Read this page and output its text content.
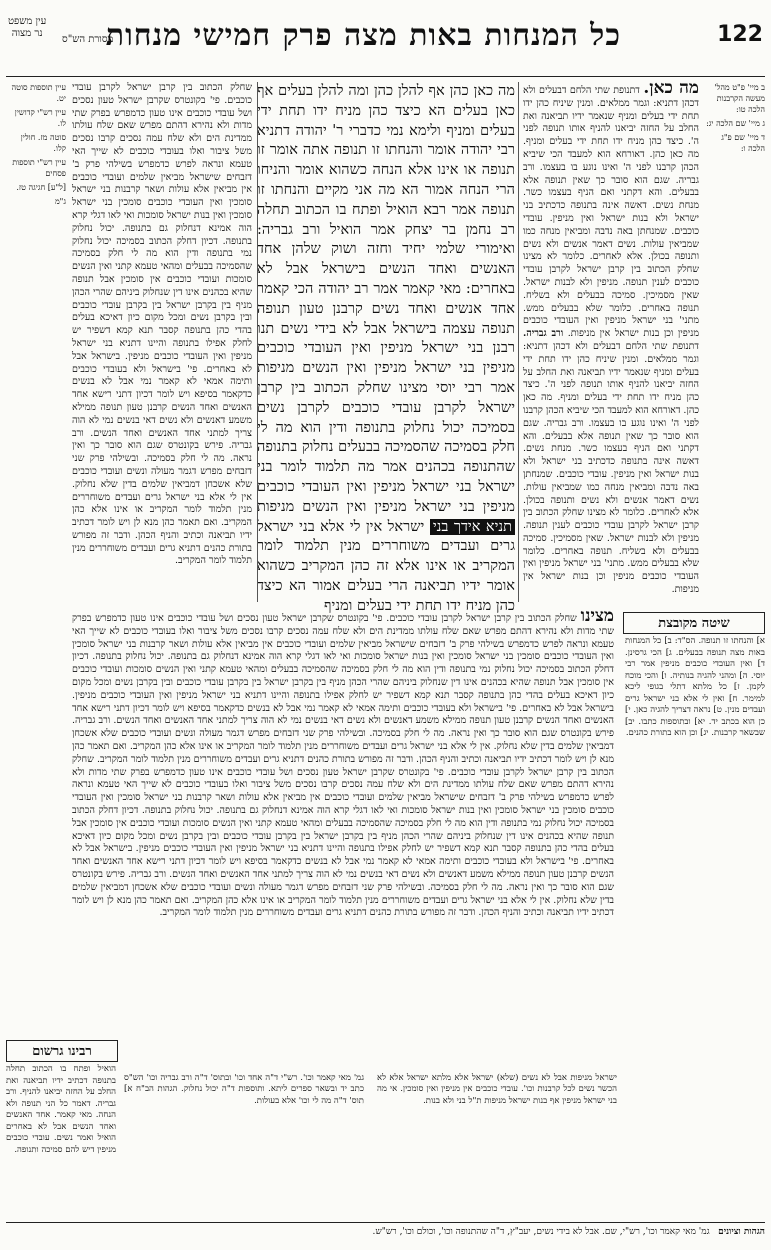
122
כל המנחות באות מצה פרק חמישי מנחות
מסורת הש"ס
עין משפט
נר מצוה
ב מיי' פ"ט מהל' מעשה הקרבנות הלכה טו:
ג מיי' שם הלכה יג:
ד מיי' שם פ"ג הלכה ו:
עיין תוספות סוטה יט.
עיין רש"י קדושין לו.
סוטה מז. חולין קלו.
עיין רש"י תוספות פסחים
[ל"ע] חגיגה טז.
ג"מ

מה כאן. דתנופת שתי הלחם דבעלים ולא דכהן דתניא: וגמר ממלאים. ומנין שיניח כהן ידו תחת ידי בעלים ומניף שנאמר ידיו תביאנה ואת החלב על החזה יביאנו להניף אותו תנופה לפני ה'. כיצד כהן מניח ידו תחת ידי בעלים ומניף. מה כאן כהן. דאורחא הוא למעבד הכי שיביא הכהן קרבנו לפני ה' ואינו נוגע בו בעצמו. ורב גבריה. שגם הוא סובר כך שאין תנופה אלא בבעלים. והא דקתני ואם הניף בעצמו כשר. מנחת נשים. דאשה אינה בתנופה כדכתיב בני ישראל ולא בנות ישראל ואין מניפין. עובדי כוכבים. שמנחתן באה נדבה ומביאין מנחה כמו שמביאין עולות. נשים דאמר אנשים ולא נשים ותנופה בכולן. אלא לאחרים. כלומר לא מצינו שחלק הכתוב בין קרבן ישראל לקרבן עובדי כוכבים לענין תנופה. מניפין ולא לבנות ישראל. שאין מסמיכין. סמיכה בבעלים ולא בשליח. תנופה באחרים. כלומר שלא בבעלים ממש. מתני' בני ישראל מניפין ואין העובדי כוכבים מניפין וכן בנות ישראל אין מניפות. ורב גבריה. דתנופת שתי הלחם דבעלים ולא דכהן דתניא: וגמר ממלאים. ומנין שיניח כהן ידו תחת ידי בעלים ומניף שנאמר ידיו תביאנה ואת החלב על החזה יביאנו להניף אותו תנופה לפני ה'. כיצד כהן מניח ידו תחת ידי בעלים ומניף. מה כאן כהן. דאורחא הוא למעבד הכי שיביא הכהן קרבנו לפני ה' ואינו נוגע בו בעצמו. ורב גבריה. שגם הוא סובר כך שאין תנופה אלא בבעלים. והא דקתני ואם הניף בעצמו כשר. מנחת נשים. דאשה אינה בתנופה כדכתיב בני ישראל ולא בנות ישראל ואין מניפין. עובדי כוכבים. שמנחתן באה נדבה ומביאין מנחה כמו שמביאין עולות. נשים דאמר אנשים ולא נשים ותנופה בכולן. אלא לאחרים. כלומר לא מצינו שחלק הכתוב בין קרבן ישראל לקרבן עובדי כוכבים לענין תנופה. מניפין ולא לבנות ישראל. שאין מסמיכין. סמיכה בבעלים ולא בשליח. תנופה באחרים. כלומר שלא בבעלים ממש. מתני' בני ישראל מניפין ואין העובדי כוכבים מניפין וכן בנות ישראל אין מניפות.

מה כאן כהן אף להלן כהן ומה להלן בעלים אף כאן בעלים הא כיצד כהן מניח ידו תחת ידי בעלים ומניף ולימא נמי כדברי ר' יהודה דתניא רבי יהודה אומר והנחתו זו תנופה אתה אומר זו תנופה או אינו אלא הנחה כשהוא אומר והניחו הרי הנחה אמור הא מה אני מקיים והנחתו זו תנופה אמר רבא הואיל ופתח בו הכתוב תחלה רב נחמן בר יצחק אמר הואיל ורב גבריה: ואימורי שלמי יחיד וחזה ושוק שלהן אחד האנשים ואחד הנשים בישראל אבל לא באחרים: מאי קאמר אמר רב יהודה הכי קאמר אחד אנשים ואחד נשים קרבנן טעון תנופה תנופה עצמה בישראל אבל לא בידי נשים תנו רבנן בני ישראל מניפין ואין העובדי כוכבים מניפין בני ישראל מניפין ואין הנשים מניפות אמר רבי יוסי מצינו שחלק הכתוב בין קרבן ישראל לקרבן עובדי כוכבים לקרבן נשים בסמיכה יכול נחלוק בתנופה ודין הוא מה לי חלק בסמיכה שהסמיכה בבעלים נחלוק בתנופה שהתנופה בכהנים אמר מה תלמוד לומר בני ישראל בני ישראל מניפין ואין העובדי כוכבים מניפין בני ישראל מניפין ואין הנשים מניפות תניא אידך בני ישראל אין לי אלא בני ישראל גרים ועבדים משוחררים מנין תלמוד לומר המקריב או אינו אלא זה כהן המקריב כשהוא אומר ידיו תביאנה הרי בעלים אמור הא כיצד כהן מניח ידו תחת ידי בעלים ומניף

שחלק הכתוב בין קרבן ישראל לקרבן עובדי כוכבים. פי' בקונטרס שקרבן ישראל טעון נסכים ושל עובדי כוכבים אינו טעון כדמפרש בפרק שתי מדות ולא נהירא דהתם מפרש שאם שלח עולתו ממדינת הים ולא שלח עמה נסכים קרבו נסכים משל ציבור ואלו בעובדי כוכבים לא שייך האי טעמא ונראה לפרש כדמפרש בשילהי פרק ב' דזבחים שישראל מביאין שלמים ועובדי כוכבים אין מביאין אלא עולות ושאר קרבנות בני ישראל סומכין ואין העובדי כוכבים סומכין בני ישראל סומכין ואין בנות ישראל סומכות ואי לאו דגלי קרא הוה אמינא דנחלוק גם בתנופה. יכול נחלוק בתנופה. דכיון דחלק הכתוב בסמיכה יכול נחלוק נמי בתנופה ודין הוא מה לי חלק בסמיכה שהסמיכה בבעלים ומהאי טעמא קתני ואין הנשים סומכות ועובדי כוכבים אין סומכין אבל תנופה שהיא בכהנים אינו דין שנחלוק ביניהם שהרי הכהן מניף בין בקרבן ישראל בין בקרבן עובדי כוכבים ובין בקרבן נשים ומכל מקום כיון דאיכא בעלים בהדי כהן בתנופה קסבר תנא קמא דשפיר יש לחלק אפילו בתנופה והיינו דתניא בני ישראל מניפין ואין העובדי כוכבים מניפין. בישראל אבל לא באחרים. פי' בישראל ולא בעובדי כוכבים ותימה אמאי לא קאמר נמי אבל לא בנשים כדקאמר בסיפא ויש לומר דכיון דתני רישא אחד האנשים ואחד הנשים קרבנן טעון תנופה ממילא משמע דאנשים ולא נשים דאי בנשים נמי לא הוה צריך למתני אחד האנשים ואחד הנשים. ורב גבריה. פירש בקונטרס שגם הוא סובר כך ואין נראה. מה לי חלק בסמיכה. ובשילהי פרק שני דזבחים מפרש דגמר מעולה ונשים ועובדי כוכבים שלא אשכחן דמביאין שלמים בדין שלא נחלוק. אין לי אלא בני ישראל גרים ועבדים משוחררים מנין תלמוד לומר המקריב או אינו אלא כהן המקריב. ואם תאמר כהן מנא לן ויש לומר דכתיב ידיו תביאנה וכתיב והניף הכהן. ודבר זה מפורש בתורת כהנים דתניא גרים ועבדים משוחררים מנין תלמוד לומר המקריב.

מצינו שחלק הכתוב בין קרבן ישראל לקרבן עובדי כוכבים. פי' בקונטרס שקרבן ישראל טעון נסכים ושל עובדי כוכבים אינו טעון כדמפרש בפרק שתי מדות ולא נהירא דהתם מפרש שאם שלח עולתו ממדינת הים ולא שלח עמה נסכים קרבו נסכים משל ציבור ואלו בעובדי כוכבים לא שייך האי טעמא ונראה לפרש כדמפרש בשילהי פרק ב' דזבחים שישראל מביאין שלמים ועובדי כוכבים אין מביאין אלא עולות ושאר קרבנות בני ישראל סומכין ואין העובדי כוכבים סומכין בני ישראל סומכין ואין בנות ישראל סומכות ואי לאו דגלי קרא הוה אמינא דנחלוק גם בתנופה. יכול נחלוק בתנופה. דכיון דחלק הכתוב בסמיכה יכול נחלוק נמי בתנופה ודין הוא מה לי חלק בסמיכה שהסמיכה בבעלים ומהאי טעמא קתני ואין הנשים סומכות ועובדי כוכבים אין סומכין אבל תנופה שהיא בכהנים אינו דין שנחלוק ביניהם שהרי הכהן מניף בין בקרבן ישראל בין בקרבן עובדי כוכבים ובין בקרבן נשים ומכל מקום כיון דאיכא בעלים בהדי כהן בתנופה קסבר תנא קמא דשפיר יש לחלק אפילו בתנופה והיינו דתניא בני ישראל מניפין ואין העובדי כוכבים מניפין. בישראל אבל לא באחרים. פי' בישראל ולא בעובדי כוכבים ותימה אמאי לא קאמר נמי אבל לא בנשים כדקאמר בסיפא ויש לומר דכיון דתני רישא אחד האנשים ואחד הנשים קרבנן טעון תנופה ממילא משמע דאנשים ולא נשים דאי בנשים נמי לא הוה צריך למתני אחד האנשים ואחד הנשים. ורב גבריה. פירש בקונטרס שגם הוא סובר כך ואין נראה. מה לי חלק בסמיכה. ובשילהי פרק שני דזבחים מפרש דגמר מעולה ונשים ועובדי כוכבים שלא אשכחן דמביאין שלמים בדין שלא נחלוק. אין לי אלא בני ישראל גרים ועבדים משוחררים מנין תלמוד לומר המקריב או אינו אלא כהן המקריב. ואם תאמר כהן מנא לן ויש לומר דכתיב ידיו תביאנה וכתיב והניף הכהן. ודבר זה מפורש בתורת כהנים דתניא גרים ועבדים משוחררים מנין תלמוד לומר המקריב. שחלק הכתוב בין קרבן ישראל לקרבן עובדי כוכבים. פי' בקונטרס שקרבן ישראל טעון נסכים ושל עובדי כוכבים אינו טעון כדמפרש בפרק שתי מדות ולא נהירא דהתם מפרש שאם שלח עולתו ממדינת הים ולא שלח עמה נסכים קרבו נסכים משל ציבור ואלו בעובדי כוכבים לא שייך האי טעמא ונראה לפרש כדמפרש בשילהי פרק ב' דזבחים שישראל מביאין שלמים ועובדי כוכבים אין מביאין אלא עולות ושאר קרבנות בני ישראל סומכין ואין העובדי כוכבים סומכין בני ישראל סומכין ואין בנות ישראל סומכות ואי לאו דגלי קרא הוה אמינא דנחלוק גם בתנופה. יכול נחלוק בתנופה. דכיון דחלק הכתוב בסמיכה יכול נחלוק נמי בתנופה ודין הוא מה לי חלק בסמיכה שהסמיכה בבעלים ומהאי טעמא קתני ואין הנשים סומכות ועובדי כוכבים אין סומכין אבל תנופה שהיא בכהנים אינו דין שנחלוק ביניהם שהרי הכהן מניף בין בקרבן ישראל בין בקרבן עובדי כוכבים ובין בקרבן נשים ומכל מקום כיון דאיכא בעלים בהדי כהן בתנופה קסבר תנא קמא דשפיר יש לחלק אפילו בתנופה והיינו דתניא בני ישראל מניפין ואין העובדי כוכבים מניפין. בישראל אבל לא באחרים. פי' בישראל ולא בעובדי כוכבים ותימה אמאי לא קאמר נמי אבל לא בנשים כדקאמר בסיפא ויש לומר דכיון דתני רישא אחד האנשים ואחד הנשים קרבנן טעון תנופה ממילא משמע דאנשים ולא נשים דאי בנשים נמי לא הוה צריך למתני אחד האנשים ואחד הנשים. ורב גבריה. פירש בקונטרס שגם הוא סובר כך ואין נראה. מה לי חלק בסמיכה. ובשילהי פרק שני דזבחים מפרש דגמר מעולה ונשים ועובדי כוכבים שלא אשכחן דמביאין שלמים בדין שלא נחלוק. אין לי אלא בני ישראל גרים ועבדים משוחררים מנין תלמוד לומר המקריב או אינו אלא כהן המקריב. ואם תאמר כהן מנא לן ויש לומר דכתיב ידיו תביאנה וכתיב והניף הכהן. ודבר זה מפורש בתורת כהנים דתניא גרים ועבדים משוחררים מנין תלמוד לומר המקריב.

שיטה מקובצת

א] והנחתו זו תנופה. הס"ד: ב] כל המנחות באות מצה תנופה בבעלים. ג] הכי גרסינן. ד] ואין העובדי כוכבים מניפין אמר רבי יוסי. ה] ומהני להגיה בנותיה. ו] והכי מוכח לקמן. ז] כל מלתא דתלי בגופי ליכא למימר. ח] ואין לי אלא בני ישראל גרים ועבדים מנין. ט] נראה דצריך להגיה כאן. י] כן הוא בכתב יד. יא] ובתוספות כתבו. יב] שבשאר קרבנות. יג] וכן הוא בתורת כהנים.

רבינו גרשום

הואיל ופתח בו הכתוב תחלה בתנופה דכתיב ידיו תביאנה ואת החלב על החזה יביאנו להניף. ורב גבריה. דאמר כל הני תנופה ולא הנחה. מאי קאמר. אחד האנשים ואחד הנשים אבל לא באחרים הואיל ואמר נשים. עובדי כוכבים מניפין דיש להם סמיכה ותנופה.

ישראל מניפות אבל לא נשים (שלא) ישראל אלא מלתא ישראל אלא לא הכשר נשים לכל קרבנות וכו'. עובדי כוכבים אין מניפין ואין סומכין. אי מה בני ישראל מניפין אף בנות ישראל מניפות ת"ל בני ולא בנות.

גמ' מאי קאמר וכו'. רש"י ד"ה אחד וכו' ובתוס' ד"ה ורב גבריה וכו' הש"ס כתב יד ובשאר ספרים ליתא. ותוספות ד"ה יכול נחלוק. הגהות הב"ח א] תוס' ד"ה מה לי וכו' אלא בעולות.

הגהות וציונים   גמ' מאי קאמר וכו', רש"י, שם. אבל לא בידי נשים, יעב"ץ, ד"ה שהתנופה וכו', וכולם וכו', רש"ש.
